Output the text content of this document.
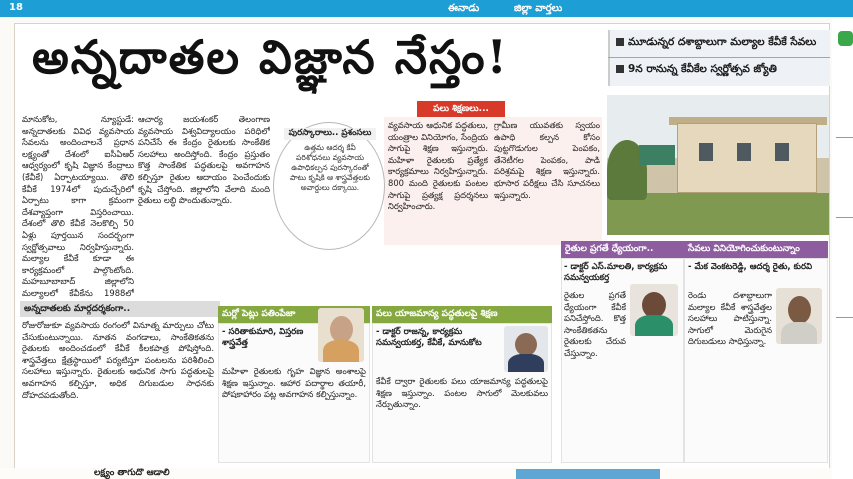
18	ఈనాడు	జిల్లా వార్తలు
అన్నదాతల విజ్ఞాన నేస్తం!	మూడున్నర దశాబ్దాలుగా మల్యాల కేవీకే సేవలు
9న రానున్న కేవీకేల స్వర్ణోత్సవ జ్యోతి
మానుకోట, న్యూస్టుడే: అన్నదాతలకు వివిధ వ్యవసాయ సేవలను అందించాలనే ప్రధాన లక్ష్యంతో దేశంలో ఐసీఏఆర్ ఆధ్వర్యంలో కృషి విజ్ఞాన కేంద్రాలు (కేవీకే) ఏర్పాటయ్యాయి. తొలి కేవీకే 1974లో పుదుచ్చేరిలో ఏర్పాటు కాగా క్రమంగా దేశవ్యాప్తంగా విస్తరించాయి. దేశంలో తొలి కేవీకే నెలకొల్పి 50 ఏళ్లు పూర్తయిన సందర్భంగా స్వర్ణోత్సవాలు నిర్వహిస్తున్నారు. మల్యాల కేవీకే కూడా ఈ కార్యక్రమంలో పాల్గొంటోంది. మహబూబాబాద్ జిల్లాలోని మల్యాలలో కేవీకేను 1988లో
ఆచార్య జయశంకర్ తెలంగాణ వ్యవసాయ విశ్వవిద్యాలయం పరిధిలో పనిచేసే ఈ కేంద్రం రైతులకు సాంకేతిక సలహాలు అందిస్తోంది. కేంద్రం ప్రస్తుతం కొత్త సాంకేతిక పద్ధతులపై అవగాహన కల్పిస్తూ రైతుల ఆదాయం పెంచేందుకు కృషి చేస్తోంది. జిల్లాలోని వేలాది మంది రైతులు లబ్ధి పొందుతున్నారు.
పలు శిక్షణలు...
వ్యవసాయ ఆధునిక పద్ధతులు, యంత్రాల వినియోగం, సేంద్రియ సాగుపై శిక్షణ ఇస్తున్నారు. మహిళా రైతులకు ప్రత్యేక కార్యక్రమాలు నిర్వహిస్తున్నారు. 800 మంది రైతులకు పంటల సాగుపై ప్రత్యక్ష ప్రదర్శనలు నిర్వహించారు.
గ్రామీణ యువతకు స్వయం ఉపాధి కల్పన కోసం పుట్టగొడుగుల పెంపకం, తేనెటీగల పెంపకం, పాడి పరిశ్రమపై శిక్షణ ఇస్తున్నారు. భూసార పరీక్షలు చేసి సూచనలు ఇస్తున్నారు.
పురస్కారాలు.. ప్రశంసలు
ఉత్తమ ఆదర్శ కేవీ పరిశోధనలు వ్యవసాయ ఉపాధికల్పన పురస్కారంతో పాటు కృషికి ఆ శాస్త్రవేత్తలకు అవార్డులు దక్కాయి.
అన్నదాతలకు మార్గదర్శకంగా..
రోజురోజుకూ వ్యవసాయ రంగంలో వినూత్న మార్పులు చోటు చేసుకుంటున్నాయి. నూతన వంగడాలు, సాంకేతికతను రైతులకు అందించడంలో కేవీకే కీలకపాత్ర పోషిస్తోంది. శాస్త్రవేత్తలు క్షేత్రస్థాయిలో పర్యటిస్తూ పంటలను పరిశీలించి సలహాలు ఇస్తున్నారు. రైతులకు ఆధునిక సాగు పద్ధతులపై అవగాహన కల్పిస్తూ, అధిక దిగుబడుల సాధనకు దోహదపడుతోంది.
మర్లో పెట్లు పతింపేజా
- సరితాకుమారి, విస్తరణ శాస్త్రవేత్త
మహిళా రైతులకు గృహ విజ్ఞాన అంశాలపై శిక్షణ ఇస్తున్నాం. ఆహార పదార్థాల తయారీ, పోషకాహారం పట్ల అవగాహన కల్పిస్తున్నాం.
పలు యాజమాన్య పద్ధతులపై శిక్షణ
- డాక్టర్ రాజన్న, కార్యక్రమ సమన్వయకర్త, కేవీకే, మానుకోట
కేవీకే ద్వారా రైతులకు పలు యాజమాన్య పద్ధతులపై శిక్షణ ఇస్తున్నాం. పంటల సాగులో మెలకువలు నేర్పుతున్నాం.
రైతుల ప్రగతే ధ్యేయంగా..
- డాక్టర్ ఎస్.మాలతి, కార్యక్రమ సమన్వయకర్త
రైతుల ప్రగతే ధ్యేయంగా కేవీకే పనిచేస్తోంది. కొత్త సాంకేతికతను రైతులకు చేరువ చేస్తున్నాం.
సేవలు వినియోగించుకుంటున్నాం
- మేక వెంకటరెడ్డి, ఆదర్శ రైతు, కురవి
రెండు దశాబ్దాలుగా మల్యాల కేవీకే శాస్త్రవేత్తల సలహాలు పాటిస్తున్నా. సాగులో మెరుగైన దిగుబడులు సాధిస్తున్నా.
లక్ష్యం తాగుదొ ఆడాలి
